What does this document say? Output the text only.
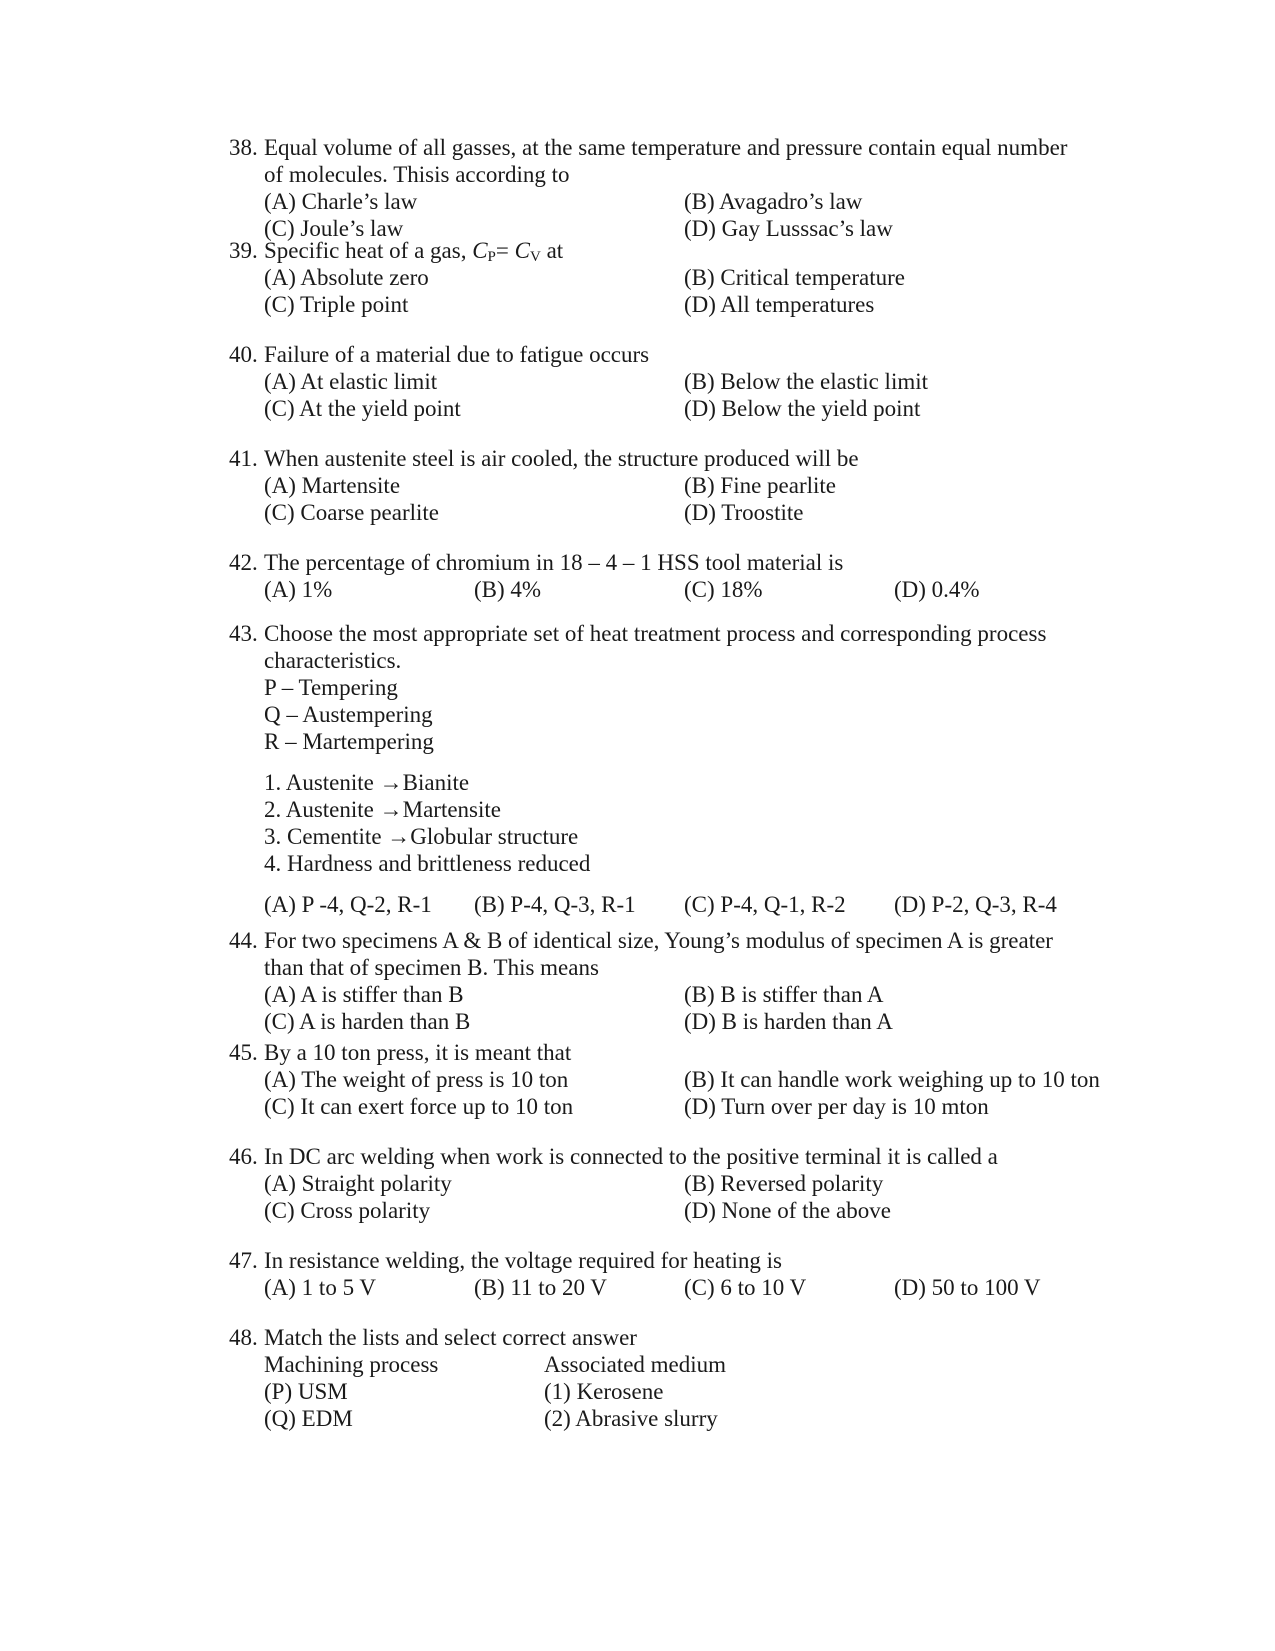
38. Equal volume of all gasses, at the same temperature and pressure contain equal number
of molecules. Thisis according to
(A) Charle’s law	(B) Avagadro’s law
(C) Joule’s law	(D) Gay Lusssac’s law
39. Specific heat of a gas, $C_P= C_V$ at
(A) Absolute zero	(B) Critical temperature
(C) Triple point	(D) All temperatures
40. Failure of a material due to fatigue occurs
(A) At elastic limit	(B) Below the elastic limit
(C) At the yield point	(D) Below the yield point
41. When austenite steel is air cooled, the structure produced will be
(A) Martensite	(B) Fine pearlite
(C) Coarse pearlite	(D) Troostite
42. The percentage of chromium in 18 – 4 – 1 HSS tool material is
(A) 1%	(B) 4%	(C) 18%	(D) 0.4%
43. Choose the most appropriate set of heat treatment process and corresponding process
characteristics.
P – Tempering
Q – Austempering
R – Martempering
1. Austenite →Bianite
2. Austenite →Martensite
3. Cementite →Globular structure
4. Hardness and brittleness reduced
(A) P -4, Q-2, R-1 (B) P-4, Q-3, R-1 (C) P-4, Q-1, R-2 (D) P-2, Q-3, R-4
44. For two specimens A & B of identical size, Young’s modulus of specimen A is greater
than that of specimen B. This means
(A) A is stiffer than B	(B) B is stiffer than A
(C) A is harden than B	(D) B is harden than A
45. By a 10 ton press, it is meant that
(A) The weight of press is 10 ton	(B) It can handle work weighing up to 10 ton
(C) It can exert force up to 10 ton	(D) Turn over per day is 10 mton
46. In DC arc welding when work is connected to the positive terminal it is called a
(A) Straight polarity	(B) Reversed polarity
(C) Cross polarity	(D) None of the above
47. In resistance welding, the voltage required for heating is
(A) 1 to 5 V	(B) 11 to 20 V	(C) 6 to 10 V	(D) 50 to 100 V
48. Match the lists and select correct answer
Machining process	Associated medium
(P) USM	(1) Kerosene
(Q) EDM	(2) Abrasive slurry
